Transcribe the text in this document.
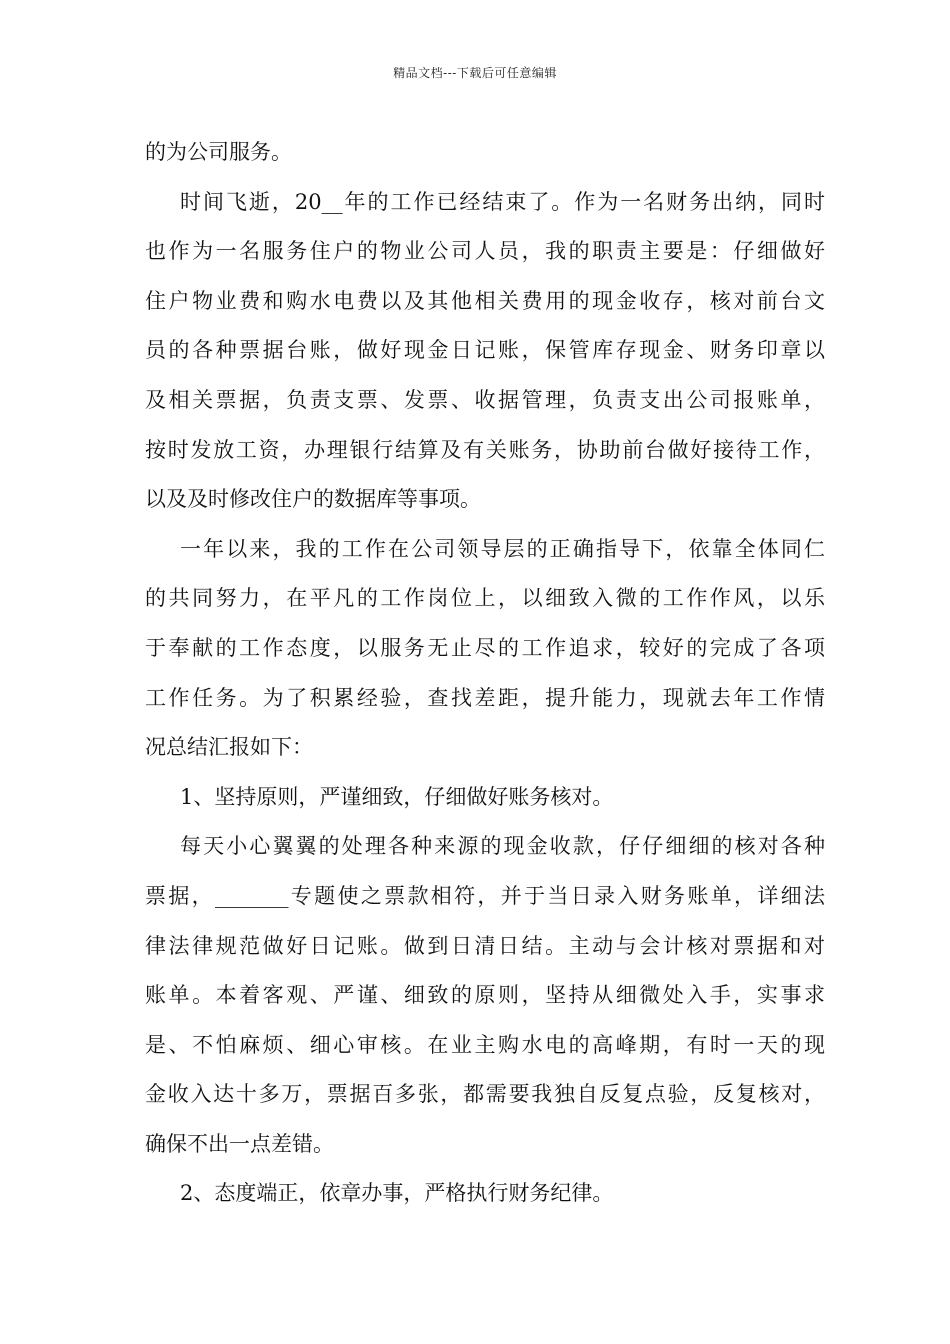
精品文档---下载后可任意编辑
的为公司服务。
时间飞逝，20__年的工作已经结束了。作为一名财务出纳，同时
也作为一名服务住户的物业公司人员，我的职责主要是：仔细做好
住户物业费和购水电费以及其他相关费用的现金收存，核对前台文
员的各种票据台账，做好现金日记账，保管库存现金、财务印章以
及相关票据，负责支票、发票、收据管理，负责支出公司报账单，
按时发放工资，办理银行结算及有关账务，协助前台做好接待工作，
以及及时修改住户的数据库等事项。
一年以来，我的工作在公司领导层的正确指导下，依靠全体同仁
的共同努力，在平凡的工作岗位上，以细致入微的工作作风，以乐
于奉献的工作态度，以服务无止尽的工作追求，较好的完成了各项
工作任务。为了积累经验，查找差距，提升能力，现就去年工作情
况总结汇报如下：
1、坚持原则，严谨细致，仔细做好账务核对。
每天小心翼翼的处理各种来源的现金收款，仔仔细细的核对各种
票据，_______专题使之票款相符，并于当日录入财务账单，详细法
律法律规范做好日记账。做到日清日结。主动与会计核对票据和对
账单。本着客观、严谨、细致的原则，坚持从细微处入手，实事求
是、不怕麻烦、细心审核。在业主购水电的高峰期，有时一天的现
金收入达十多万，票据百多张，都需要我独自反复点验，反复核对，
确保不出一点差错。
2、态度端正，依章办事，严格执行财务纪律。
